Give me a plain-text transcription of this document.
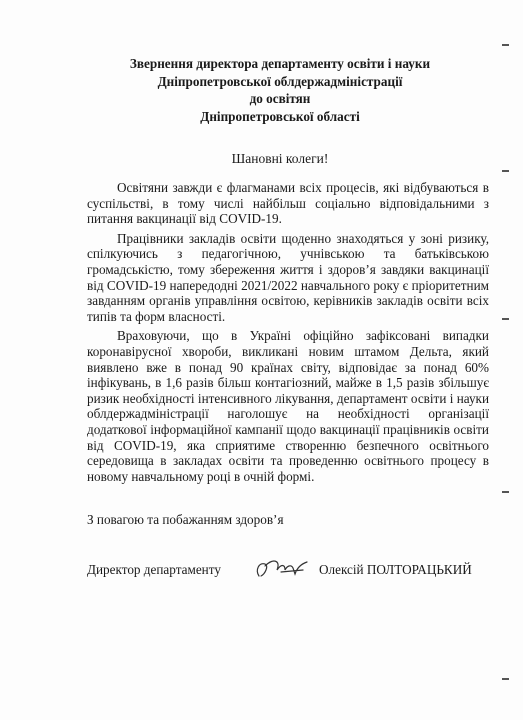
Звернення директора департаменту освіти і науки
Дніпропетровської облдержадміністрації
до освітян
Дніпропетровської області
Шановні колеги!

Освітяни завжди є флагманами всіх процесів, які відбуваються в суспільстві, в тому числі найбільш соціально відповідальними з питання вакцинації від COVID-19.

Працівники закладів освіти щоденно знаходяться у зоні ризику, спілкуючись з педагогічною, учнівською та батьківською громадськістю, тому збереження життя і здоров’я завдяки вакцинації від COVID-19 напередодні 2021/2022 навчального року є пріоритетним завданням органів управління освітою, керівників закладів освіти всіх типів та форм власності.

Враховуючи, що в Україні офіційно зафіксовані випадки коронавірусної хвороби, викликані новим штамом Дельта, який виявлено вже в понад 90 країнах світу, відповідає за понад 60% інфікувань, в 1,6 разів більш контагіозний, майже в 1,5 разів збільшує ризик необхідності інтенсивного лікування, департамент освіти і науки облдержадміністрації наголошує на необхідності організації додаткової інформаційної кампанії щодо вакцинації працівників освіти від COVID-19, яка сприятиме створенню безпечного освітнього середовища в закладах освіти та проведенню освітнього процесу в новому навчальному році в очній формі.

З повагою та побажанням здоров’я
Директор департаменту	Олексій ПОЛТОРАЦЬКИЙ
